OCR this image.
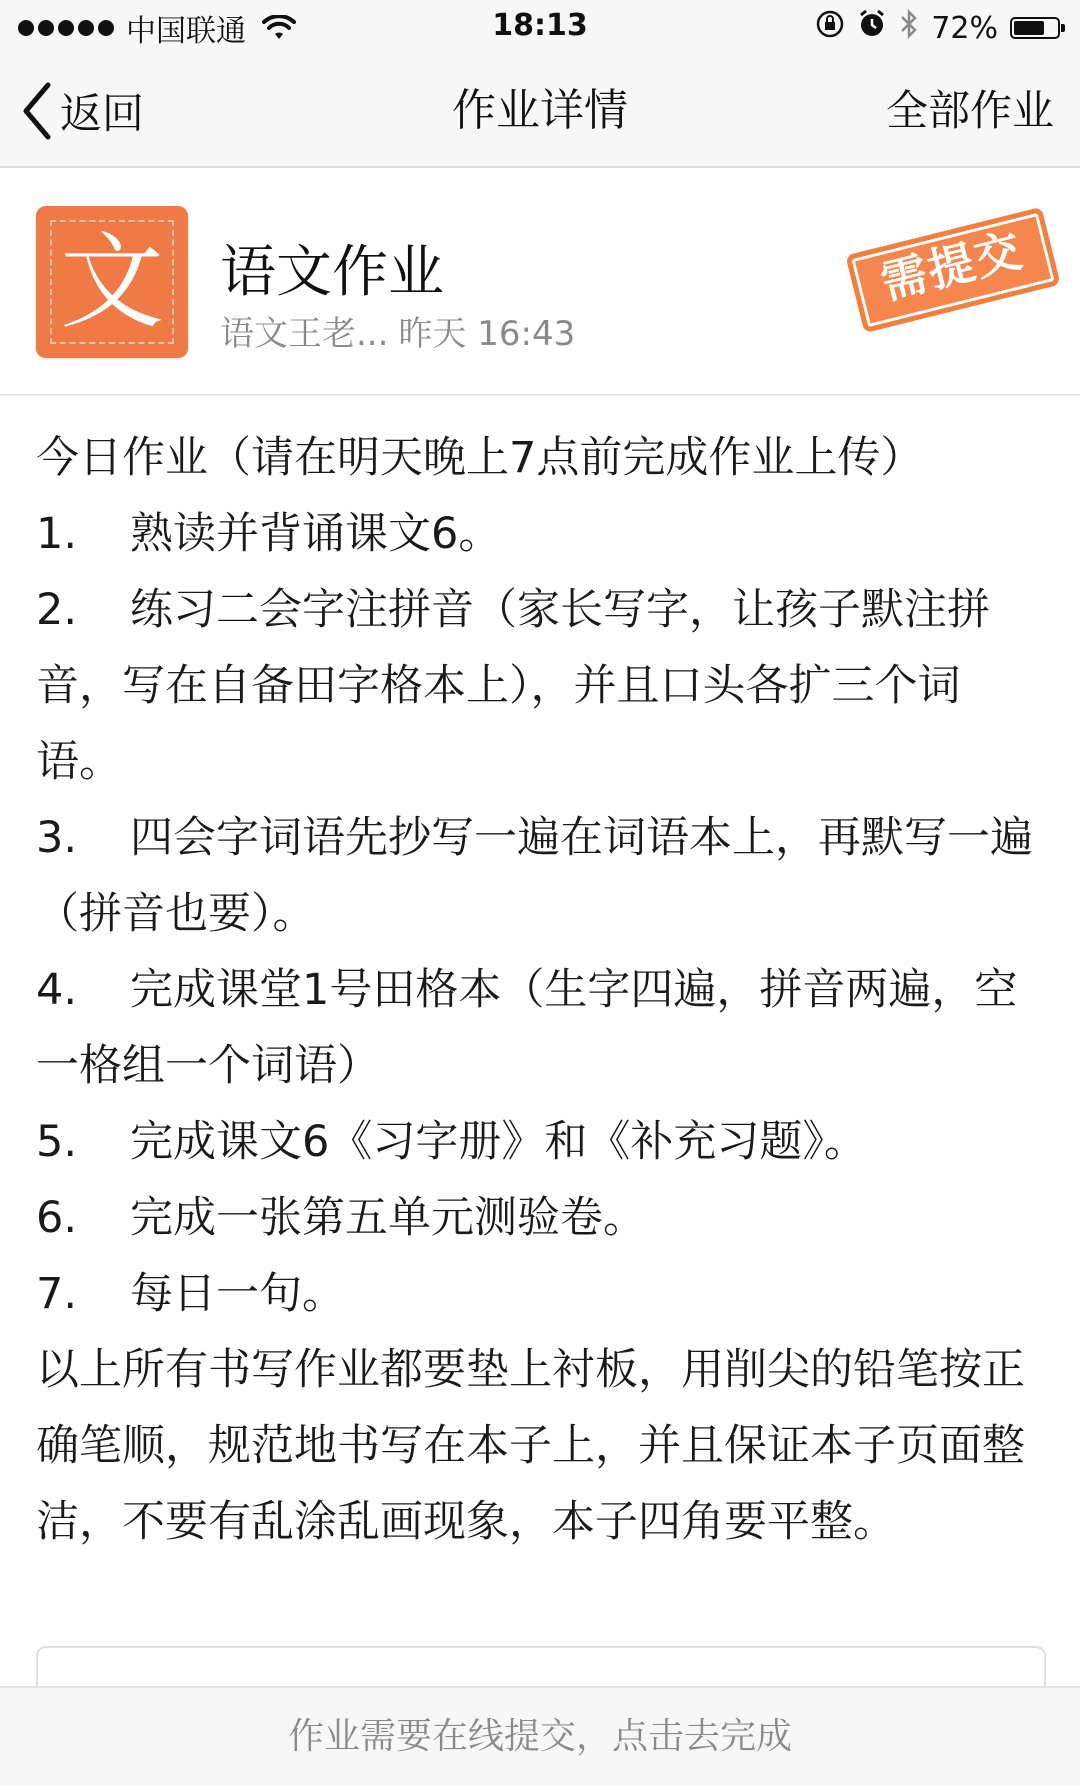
中国联通	18:13	72%
返回	作业详情	全部作业
文 语文作业
语文王老... 昨天 16:43
需提交

今日作业（请在明天晚上7点前完成作业上传）

1. 熟读并背诵课文6。

2. 练习二会字注拼音（家长写字，让孩子默注拼音，写在自备田字格本上），并且口头各扩三个词语。

3. 四会字词语先抄写一遍在词语本上，再默写一遍（拼音也要）。

4. 完成课堂1号田格本（生字四遍，拼音两遍，空一格组一个词语）

5. 完成课文6《习字册》和《补充习题》。

6. 完成一张第五单元测验卷。

7. 每日一句。

以上所有书写作业都要垫上衬板，用削尖的铅笔按正确笔顺，规范地书写在本子上，并且保证本子页面整洁，不要有乱涂乱画现象，本子四角要平整。

作业需要在线提交，点击去完成
